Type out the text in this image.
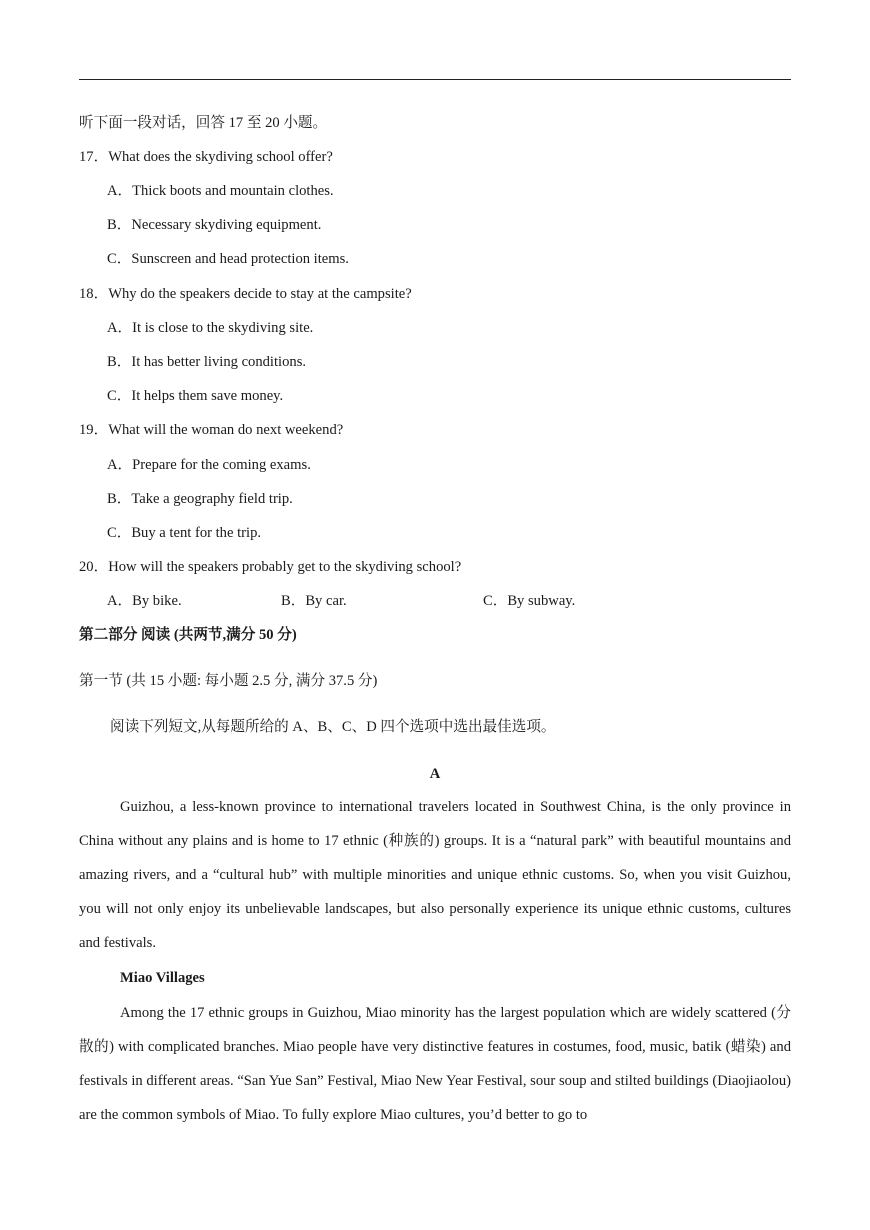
听下面一段对话，回答 17 至 20 小题。
17．What does the skydiving school offer?
A．Thick boots and mountain clothes.
B．Necessary skydiving equipment.
C．Sunscreen and head protection items.
18．Why do the speakers decide to stay at the campsite?
A．It is close to the skydiving site.
B．It has better living conditions.
C．It helps them save money.
19．What will the woman do next weekend?
A．Prepare for the coming exams.
B．Take a geography field trip.
C．Buy a tent for the trip.
20．How will the speakers probably get to the skydiving school?
A．By bike.	B．By car.	C．By subway.
第二部分 阅读 (共两节,满分 50 分)
第一节 (共 15 小题: 每小题 2.5 分, 满分 37.5 分)
阅读下列短文,从每题所给的 A、B、C、D 四个选项中选出最佳选项。
A
Guizhou, a less-known province to international travelers located in Southwest China, is the only province in China without any plains and is home to 17 ethnic (种族的) groups. It is a “natural park” with beautiful mountains and amazing rivers, and a “cultural hub” with multiple minorities and unique ethnic customs. So, when you visit Guizhou, you will not only enjoy its unbelievable landscapes, but also personally experience its unique ethnic customs, cultures and festivals.
Miao Villages
Among the 17 ethnic groups in Guizhou, Miao minority has the largest population which are widely scattered (分散的) with complicated branches. Miao people have very distinctive features in costumes, food, music, batik (蜡染) and festivals in different areas. “San Yue San” Festival, Miao New Year Festival, sour soup and stilted buildings (Diaojiaolou) are the common symbols of Miao. To fully explore Miao cultures, you’d better to go to
